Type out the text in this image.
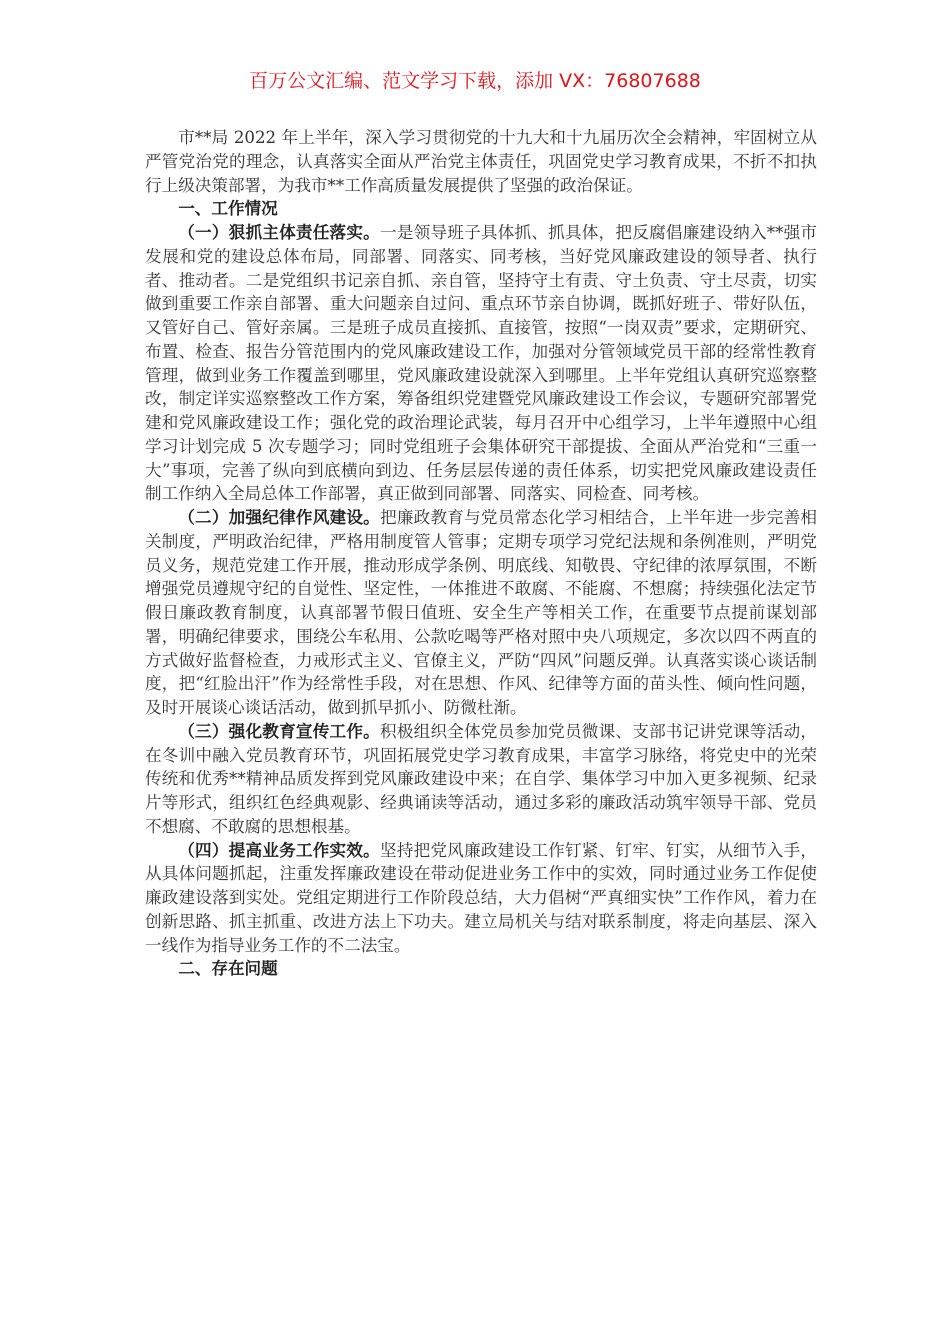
百万公文汇编、范文学习下载，添加 VX：76807688

市**局 2022 年上半年，深入学习贯彻党的十九大和十九届历次全会精神，牢固树立从严管党治党的理念，认真落实全面从严治党主体责任，巩固党史学习教育成果，不折不扣执行上级决策部署，为我市**工作高质量发展提供了坚强的政治保证。

一、工作情况

（一）狠抓主体责任落实。一是领导班子具体抓、抓具体，把反腐倡廉建设纳入**强市发展和党的建设总体布局，同部署、同落实、同考核，当好党风廉政建设的领导者、执行者、推动者。二是党组织书记亲自抓、亲自管，坚持守土有责、守土负责、守土尽责，切实做到重要工作亲自部署、重大问题亲自过问、重点环节亲自协调，既抓好班子、带好队伍，又管好自己、管好亲属。三是班子成员直接抓、直接管，按照“一岗双责”要求，定期研究、布置、检查、报告分管范围内的党风廉政建设工作，加强对分管领域党员干部的经常性教育管理，做到业务工作覆盖到哪里，党风廉政建设就深入到哪里。上半年党组认真研究巡察整改，制定详实巡察整改工作方案，筹备组织党建暨党风廉政建设工作会议，专题研究部署党建和党风廉政建设工作；强化党的政治理论武装，每月召开中心组学习，上半年遵照中心组学习计划完成 5 次专题学习；同时党组班子会集体研究干部提拔、全面从严治党和“三重一大”事项，完善了纵向到底横向到边、任务层层传递的责任体系，切实把党风廉政建设责任制工作纳入全局总体工作部署，真正做到同部署、同落实、同检查、同考核。

（二）加强纪律作风建设。把廉政教育与党员常态化学习相结合，上半年进一步完善相关制度，严明政治纪律，严格用制度管人管事；定期专项学习党纪法规和条例准则，严明党员义务，规范党建工作开展，推动形成学条例、明底线、知敬畏、守纪律的浓厚氛围，不断增强党员遵规守纪的自觉性、坚定性，一体推进不敢腐、不能腐、不想腐；持续强化法定节假日廉政教育制度，认真部署节假日值班、安全生产等相关工作，在重要节点提前谋划部署，明确纪律要求，围绕公车私用、公款吃喝等严格对照中央八项规定，多次以四不两直的方式做好监督检查，力戒形式主义、官僚主义，严防“四风”问题反弹。认真落实谈心谈话制度，把“红脸出汗”作为经常性手段，对在思想、作风、纪律等方面的苗头性、倾向性问题，及时开展谈心谈话活动，做到抓早抓小、防微杜渐。

（三）强化教育宣传工作。积极组织全体党员参加党员微课、支部书记讲党课等活动，在冬训中融入党员教育环节，巩固拓展党史学习教育成果，丰富学习脉络，将党史中的光荣传统和优秀**精神品质发挥到党风廉政建设中来；在自学、集体学习中加入更多视频、纪录片等形式，组织红色经典观影、经典诵读等活动，通过多彩的廉政活动筑牢领导干部、党员不想腐、不敢腐的思想根基。

（四）提高业务工作实效。坚持把党风廉政建设工作钉紧、钉牢、钉实，从细节入手，从具体问题抓起，注重发挥廉政建设在带动促进业务工作中的实效，同时通过业务工作促使廉政建设落到实处。党组定期进行工作阶段总结，大力倡树“严真细实快”工作作风，着力在创新思路、抓主抓重、改进方法上下功夫。建立局机关与结对联系制度，将走向基层、深入一线作为指导业务工作的不二法宝。

二、存在问题
